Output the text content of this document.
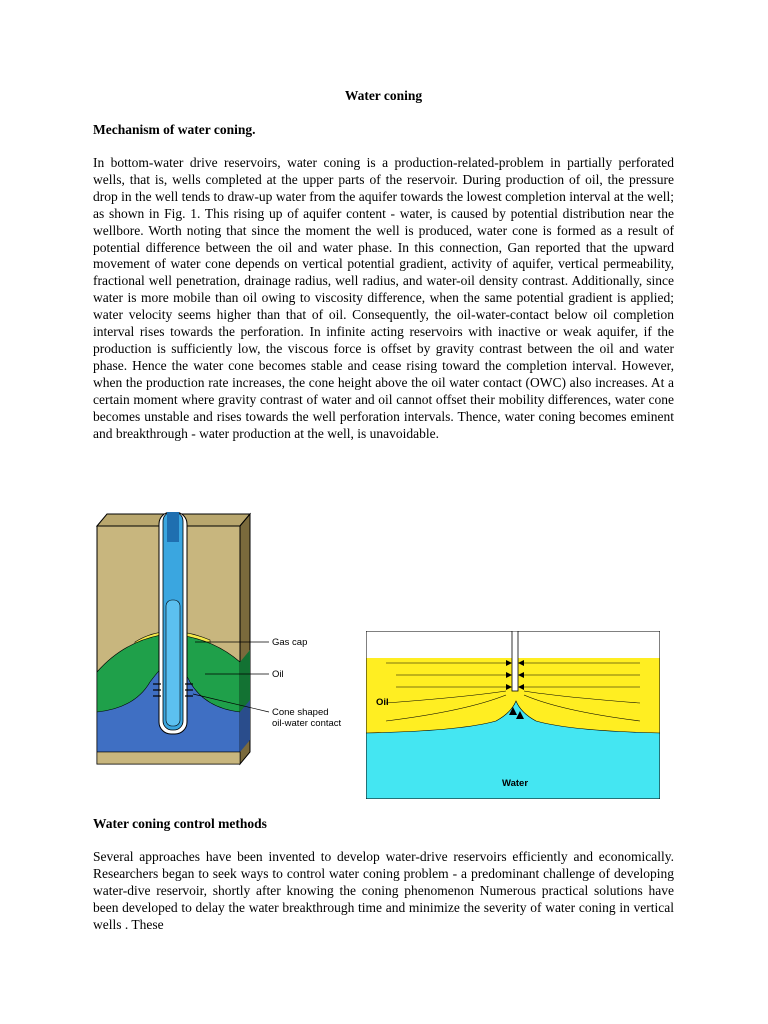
Water coning
Mechanism of water coning.

In bottom-water drive reservoirs, water coning is a production-related-problem in partially perforated wells, that is, wells completed at the upper parts of the reservoir. During production of oil, the pressure drop in the well tends to draw-up water from the aquifer towards the lowest completion interval at the well; as shown in Fig. 1. This rising up of aquifer content - water, is caused by potential distribution near the wellbore. Worth noting that since the moment the well is produced, water cone is formed as a result of potential difference between the oil and water phase. In this connection, Gan reported that the upward movement of water cone depends on vertical potential gradient, activity of aquifer, vertical permeability, fractional well penetration, drainage radius, well radius, and water-oil density contrast. Additionally, since water is more mobile than oil owing to viscosity difference, when the same potential gradient is applied; water velocity seems higher than that of oil. Consequently, the oil-water-contact below oil completion interval rises towards the perforation. In infinite acting reservoirs with inactive or weak aquifer, if the production is sufficiently low, the viscous force is offset by gravity contrast between the oil and water phase. Hence the water cone becomes stable and cease rising toward the completion interval. However, when the production rate increases, the cone height above the oil water contact (OWC) also increases. At a certain moment where gravity contrast of water and oil cannot offset their mobility differences, water cone becomes unstable and rises towards the well perforation intervals. Thence, water coning becomes eminent and breakthrough - water production at the well, is unavoidable.

Water coning control methods

Several approaches have been invented to develop water-drive reservoirs efficiently and economically. Researchers began to seek ways to control water coning problem - a predominant challenge of developing water-dive reservoir, shortly after knowing the coning phenomenon Numerous practical solutions have been developed to delay the water breakthrough time and minimize the severity of water coning in vertical wells . These

Gas cap
Oil
Cone shaped
oil-water contact
Oil
Water
